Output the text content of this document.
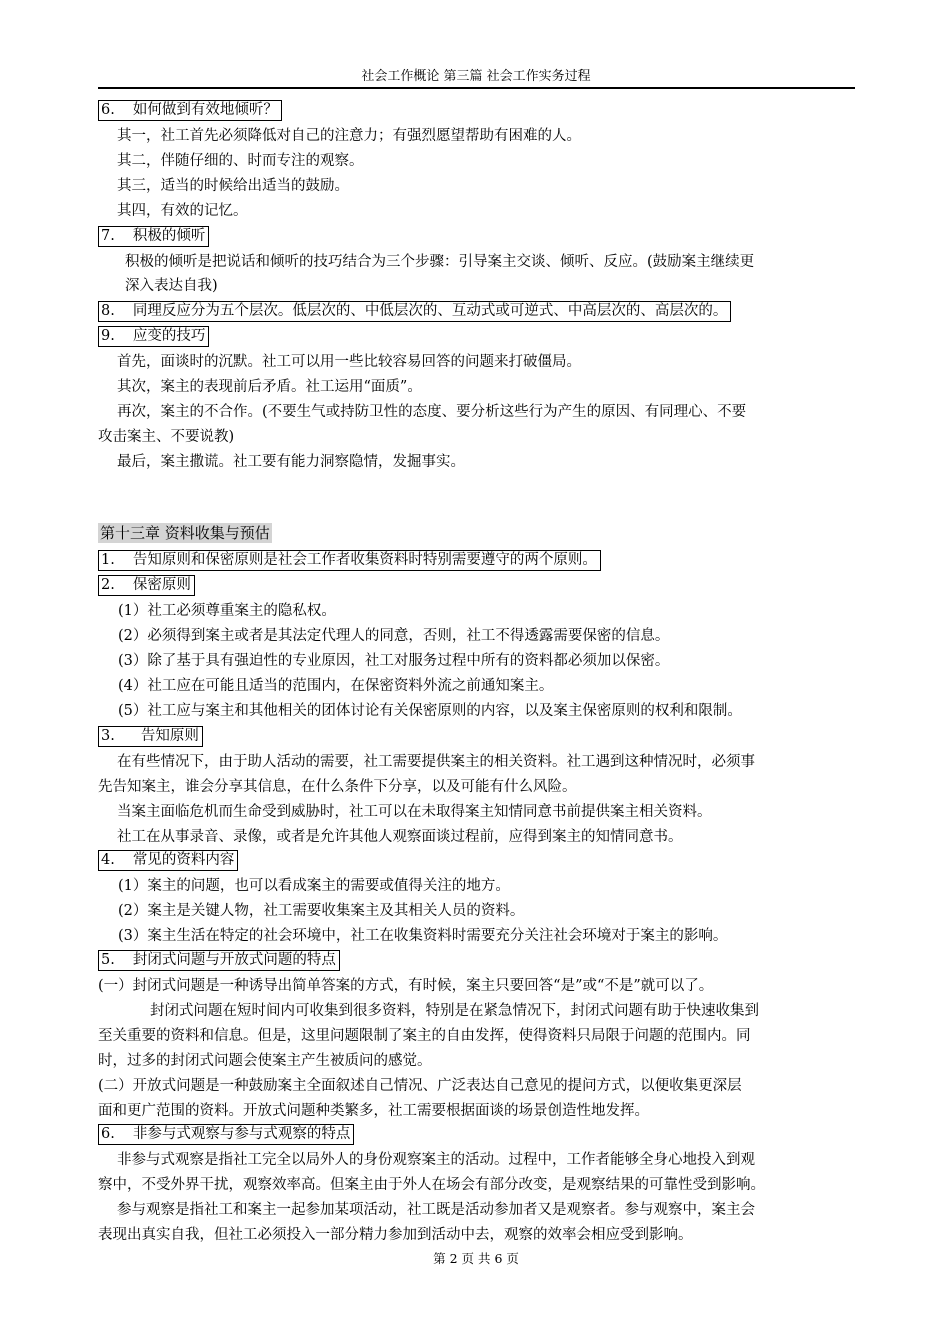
社会工作概论 第三篇 社会工作实务过程
6. 如何做到有效地倾听？
其一，社工首先必须降低对自己的注意力；有强烈愿望帮助有困难的人。
其二，伴随仔细的、时而专注的观察。
其三，适当的时候给出适当的鼓励。
其四，有效的记忆。
7. 积极的倾听
积极的倾听是把说话和倾听的技巧结合为三个步骤：引导案主交谈、倾听、反应。(鼓励案主继续更
深入表达自我)
8. 同理反应分为五个层次。低层次的、中低层次的、互动式或可逆式、中高层次的、高层次的。
9. 应变的技巧
首先，面谈时的沉默。社工可以用一些比较容易回答的问题来打破僵局。
其次，案主的表现前后矛盾。社工运用“面质”。
再次，案主的不合作。(不要生气或持防卫性的态度、要分析这些行为产生的原因、有同理心、不要
攻击案主、不要说教)
最后，案主撒谎。社工要有能力洞察隐情，发掘事实。
第十三章 资料收集与预估
1. 告知原则和保密原则是社会工作者收集资料时特别需要遵守的两个原则。
2. 保密原则
(1）社工必须尊重案主的隐私权。
(2）必须得到案主或者是其法定代理人的同意，否则，社工不得透露需要保密的信息。
(3）除了基于具有强迫性的专业原因，社工对服务过程中所有的资料都必须加以保密。
(4）社工应在可能且适当的范围内，在保密资料外流之前通知案主。
(5）社工应与案主和其他相关的团体讨论有关保密原则的内容，以及案主保密原则的权利和限制。
3. 告知原则
在有些情况下，由于助人活动的需要，社工需要提供案主的相关资料。社工遇到这种情况时，必须事
先告知案主，谁会分享其信息，在什么条件下分享，以及可能有什么风险。
当案主面临危机而生命受到威胁时，社工可以在未取得案主知情同意书前提供案主相关资料。
社工在从事录音、录像，或者是允许其他人观察面谈过程前，应得到案主的知情同意书。
4. 常见的资料内容
(1）案主的问题，也可以看成案主的需要或值得关注的地方。
(2）案主是关键人物，社工需要收集案主及其相关人员的资料。
(3）案主生活在特定的社会环境中，社工在收集资料时需要充分关注社会环境对于案主的影响。
5. 封闭式问题与开放式问题的特点
(一）封闭式问题是一种诱导出简单答案的方式，有时候，案主只要回答“是”或“不是”就可以了。
封闭式问题在短时间内可收集到很多资料，特别是在紧急情况下，封闭式问题有助于快速收集到
至关重要的资料和信息。但是，这里问题限制了案主的自由发挥，使得资料只局限于问题的范围内。同
时，过多的封闭式问题会使案主产生被质问的感觉。
(二）开放式问题是一种鼓励案主全面叙述自己情况、广泛表达自己意见的提问方式，以便收集更深层
面和更广范围的资料。开放式问题种类繁多，社工需要根据面谈的场景创造性地发挥。
6. 非参与式观察与参与式观察的特点
非参与式观察是指社工完全以局外人的身份观察案主的活动。过程中，工作者能够全身心地投入到观
察中，不受外界干扰，观察效率高。但案主由于外人在场会有部分改变，是观察结果的可靠性受到影响。
参与观察是指社工和案主一起参加某项活动，社工既是活动参加者又是观察者。参与观察中，案主会
表现出真实自我，但社工必须投入一部分精力参加到活动中去，观察的效率会相应受到影响。
第 2 页 共 6 页
